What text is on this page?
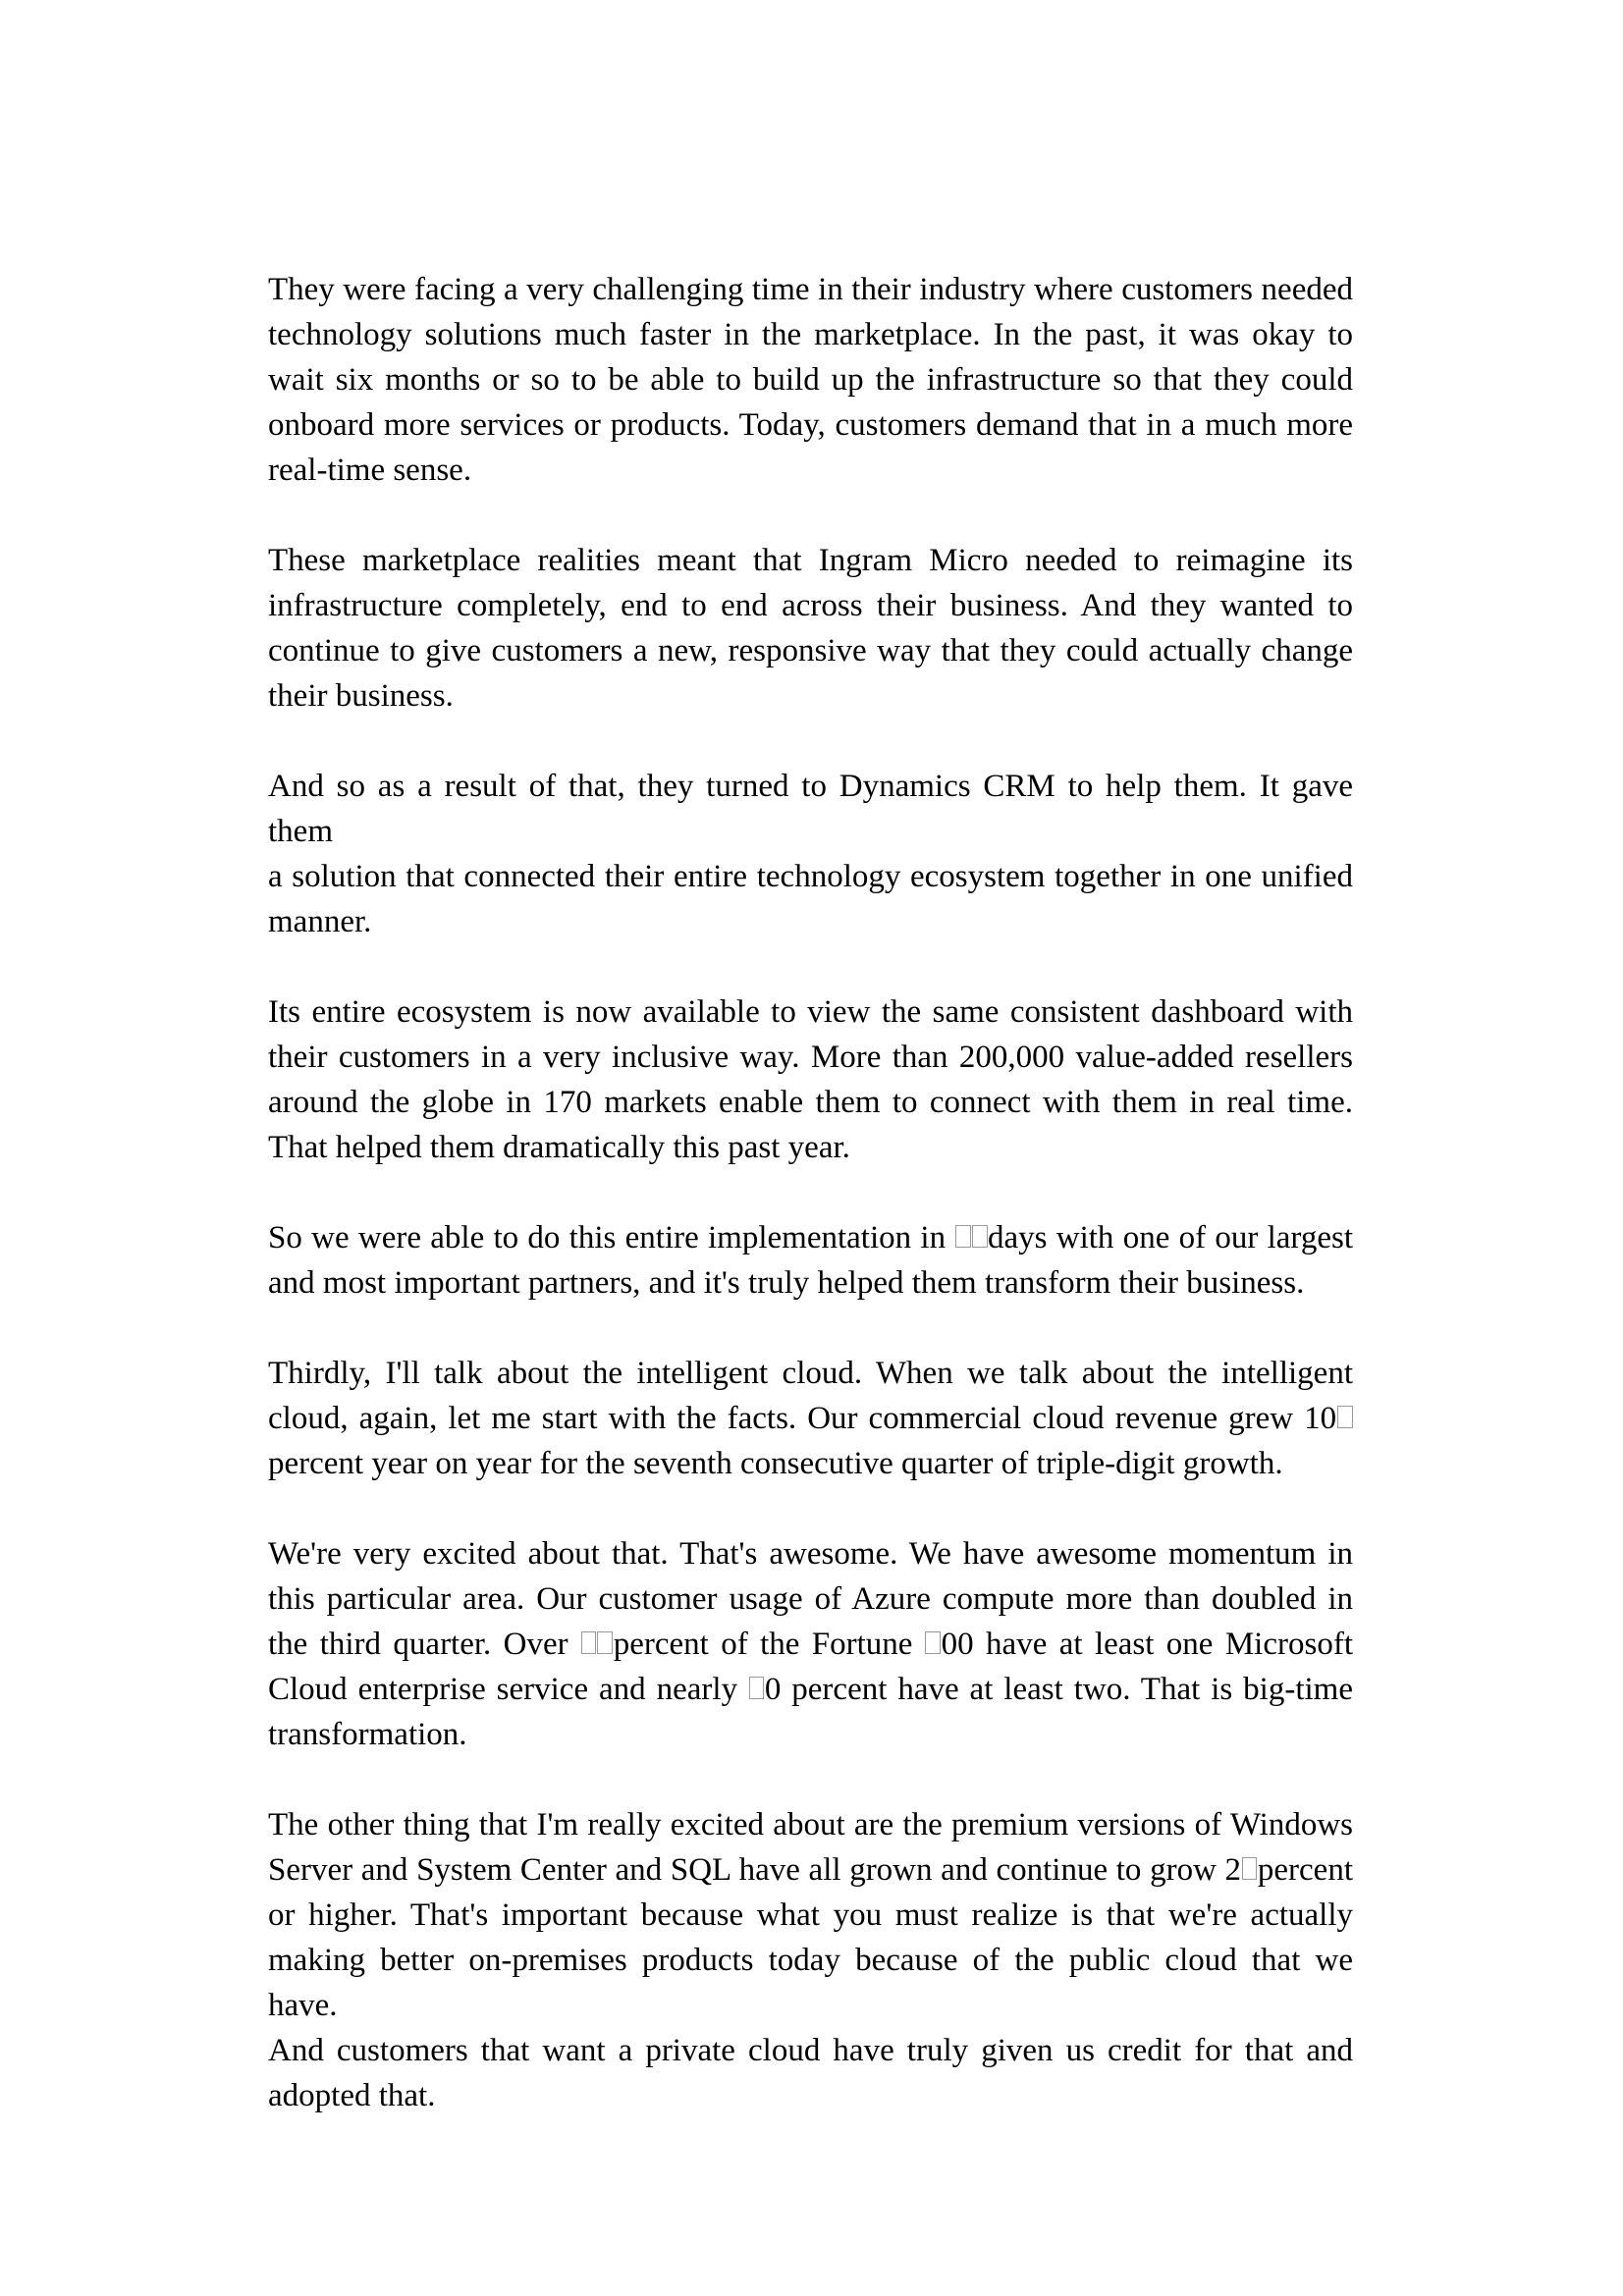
They were facing a very challenging time in their industry where customers needed
technology solutions much faster in the marketplace. In the past, it was okay to
wait six months or so to be able to build up the infrastructure so that they could
onboard more services or products. Today, customers demand that in a much more
real-time sense.

These marketplace realities meant that Ingram Micro needed to reimagine its
infrastructure completely, end to end across their business. And they wanted to
continue to give customers a new, responsive way that they could actually change
their business.

And so as a result of that, they turned to Dynamics CRM to help them. It gave them
a solution that connected their entire technology ecosystem together in one unified
manner.

Its entire ecosystem is now available to view the same consistent dashboard with
their customers in a very inclusive way. More than 200,000 value-added resellers
around the globe in 170 markets enable them to connect with them in real time.
That helped them dramatically this past year.

So we were able to do this entire implementation in days with one of our largest
and most important partners, and it's truly helped them transform their business.

Thirdly, I'll talk about the intelligent cloud. When we talk about the intelligent
cloud, again, let me start with the facts. Our commercial cloud revenue grew 10
percent year on year for the seventh consecutive quarter of triple-digit growth.

We're very excited about that. That's awesome. We have awesome momentum in
this particular area. Our customer usage of Azure compute more than doubled in
the third quarter. Over percent of the Fortune 00 have at least one Microsoft
Cloud enterprise service and nearly 0 percent have at least two. That is big-time
transformation.

The other thing that I'm really excited about are the premium versions of Windows
Server and System Center and SQL have all grown and continue to grow 2 percent
or higher. That's important because what you must realize is that we're actually
making better on-premises products today because of the public cloud that we have.
And customers that want a private cloud have truly given us credit for that and
adopted that.
